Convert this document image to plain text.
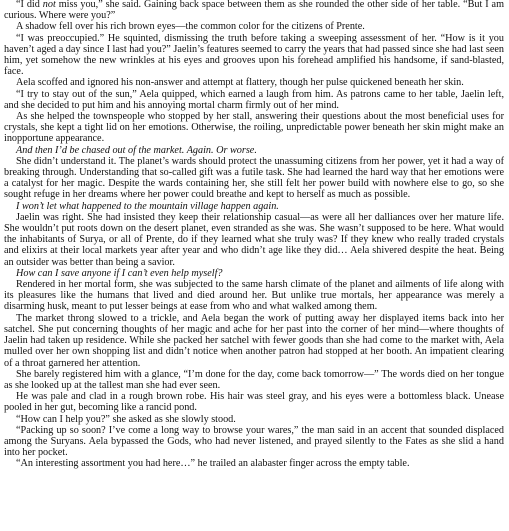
“I did not miss you,” she said. Gaining back space between them as she rounded the other side of her table. “But I am curious. Where were you?”

A shadow fell over his rich brown eyes—the common color for the citizens of Prente.

“I was preoccupied.” He squinted, dismissing the truth before taking a sweeping assessment of her. “How is it you haven’t aged a day since I last had you?” Jaelin’s features seemed to carry the years that had passed since she had last seen him, yet somehow the new wrinkles at his eyes and grooves upon his forehead amplified his handsome, if sand-blasted, face.

Aela scoffed and ignored his non-answer and attempt at flattery, though her pulse quickened beneath her skin.

“I try to stay out of the sun,” Aela quipped, which earned a laugh from him. As patrons came to her table, Jaelin left, and she decided to put him and his annoying mortal charm firmly out of her mind.

As she helped the townspeople who stopped by her stall, answering their questions about the most beneficial uses for crystals, she kept a tight lid on her emotions. Otherwise, the roiling, unpredictable power beneath her skin might make an inopportune appearance.

And then I’d be chased out of the market. Again. Or worse.

She didn’t understand it. The planet’s wards should protect the unassuming citizens from her power, yet it had a way of breaking through. Understanding that so-called gift was a futile task. She had learned the hard way that her emotions were a catalyst for her magic. Despite the wards containing her, she still felt her power build with nowhere else to go, so she sought refuge in her dreams where her power could breathe and kept to herself as much as possible.

I won’t let what happened to the mountain village happen again.

Jaelin was right. She had insisted they keep their relationship casual—as were all her dalliances over her mature life. She wouldn’t put roots down on the desert planet, even stranded as she was. She wasn’t supposed to be here. What would the inhabitants of Surya, or all of Prente, do if they learned what she truly was? If they knew who really traded crystals and elixirs at their local markets year after year and who didn’t age like they did… Aela shivered despite the heat. Being an outsider was better than being a savior.

How can I save anyone if I can’t even help myself?

Rendered in her mortal form, she was subjected to the same harsh climate of the planet and ailments of life along with its pleasures like the humans that lived and died around her. But unlike true mortals, her appearance was merely a disarming husk, meant to put lesser beings at ease from who and what walked among them.

The market throng slowed to a trickle, and Aela began the work of putting away her displayed items back into her satchel. She put concerning thoughts of her magic and ache for her past into the corner of her mind—where thoughts of Jaelin had taken up residence. While she packed her satchel with fewer goods than she had come to the market with, Aela mulled over her own shopping list and didn’t notice when another patron had stopped at her booth. An impatient clearing of a throat garnered her attention.

She barely registered him with a glance, “I’m done for the day, come back tomorrow—” The words died on her tongue as she looked up at the tallest man she had ever seen.

He was pale and clad in a rough brown robe. His hair was steel gray, and his eyes were a bottomless black. Unease pooled in her gut, becoming like a rancid pond.

“How can I help you?” she asked as she slowly stood.

“Packing up so soon? I’ve come a long way to browse your wares,” the man said in an accent that sounded displaced among the Suryans. Aela bypassed the Gods, who had never listened, and prayed silently to the Fates as she slid a hand into her pocket.

“An interesting assortment you had here…” he trailed an alabaster finger across the empty table.
